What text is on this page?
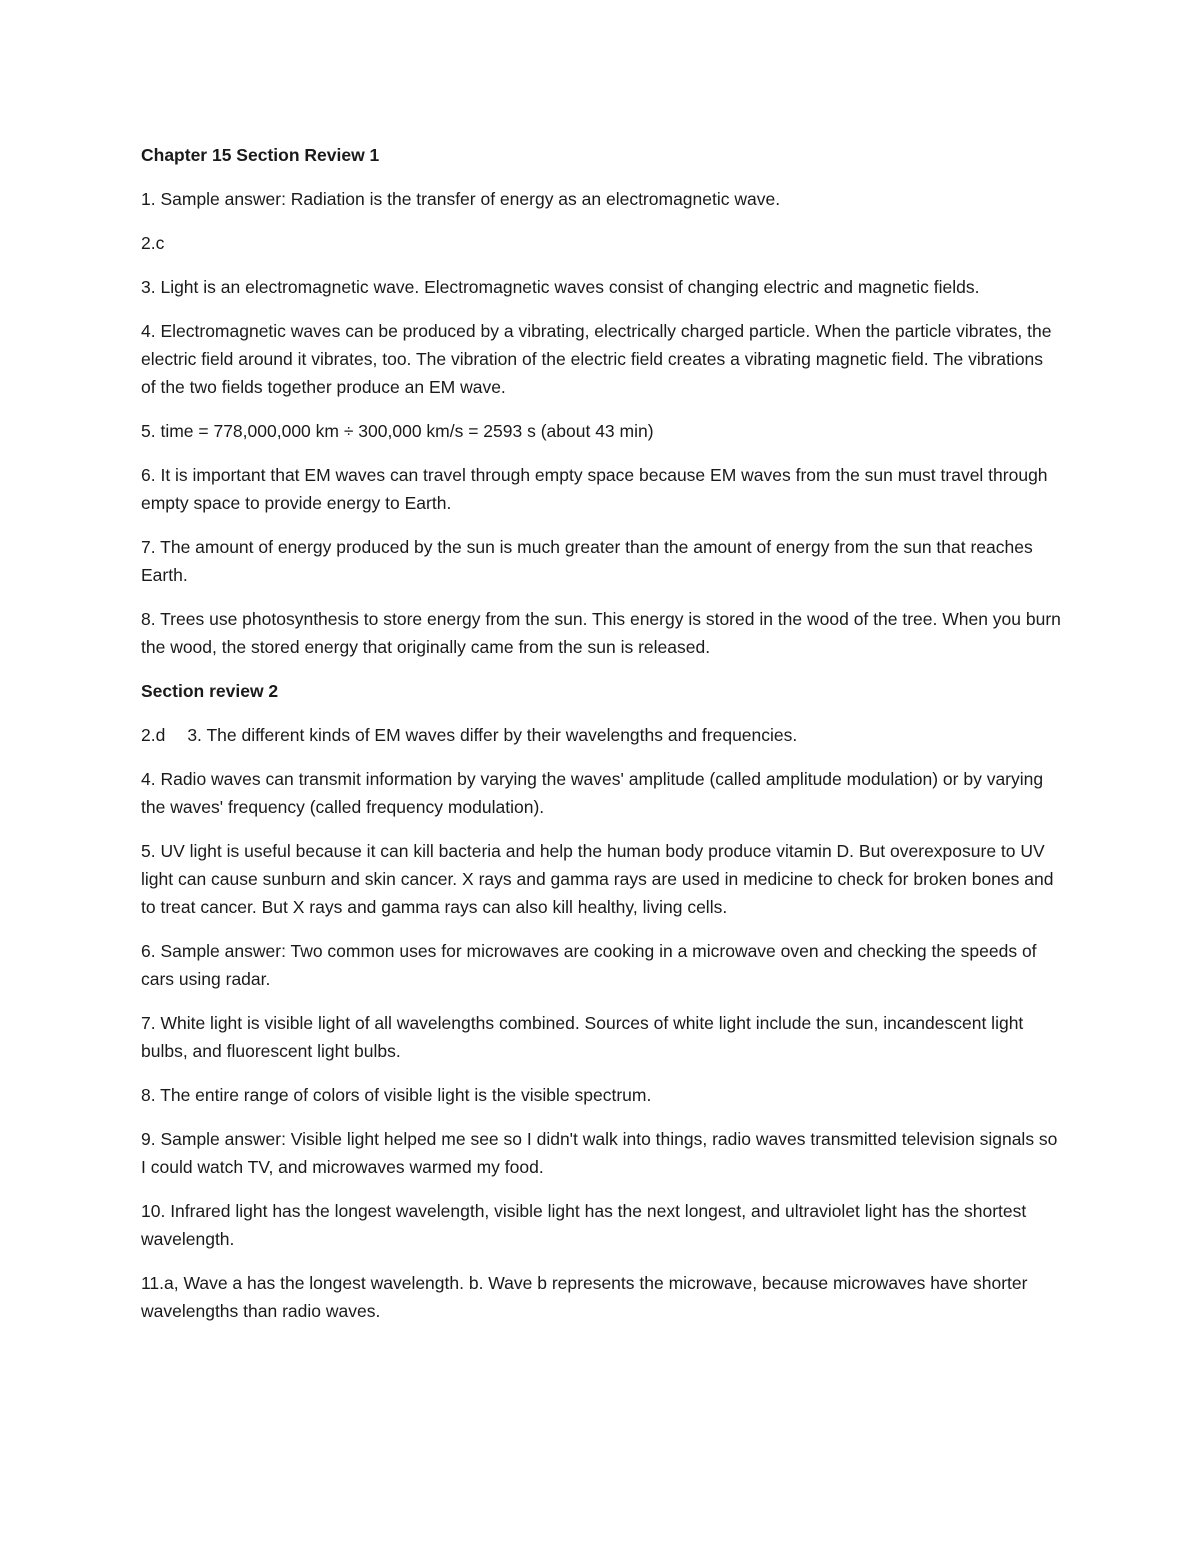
Chapter 15 Section Review 1

1. Sample answer: Radiation is the transfer of energy as an electromagnetic wave.

2.c

3. Light is an electromagnetic wave. Electromagnetic waves consist of changing electric and magnetic fields.

4. Electromagnetic waves can be produced by a vibrating, electrically charged particle. When the particle vibrates, the electric field around it vibrates, too. The vibration of the electric field creates a vibrating magnetic field. The vibrations of the two fields together produce an EM wave.

5. time = 778,000,000 km ÷ 300,000 km/s = 2593 s (about 43 min)

6. It is important that EM waves can travel through empty space because EM waves from the sun must travel through empty space to provide energy to Earth.

7. The amount of energy produced by the sun is much greater than the amount of energy from the sun that reaches Earth.

8. Trees use photosynthesis to store energy from the sun. This energy is stored in the wood of the tree. When you burn the wood, the stored energy that originally came from the sun is released.

Section review 2

2.d 3. The different kinds of EM waves differ by their wavelengths and frequencies.

4. Radio waves can transmit information by varying the waves' amplitude (called amplitude modulation) or by varying the waves' frequency (called frequency modulation).

5. UV light is useful because it can kill bacteria and help the human body produce vitamin D. But overexposure to UV light can cause sunburn and skin cancer. X rays and gamma rays are used in medicine to check for broken bones and to treat cancer. But X rays and gamma rays can also kill healthy, living cells.

6. Sample answer: Two common uses for microwaves are cooking in a microwave oven and checking the speeds of cars using radar.

7. White light is visible light of all wavelengths combined. Sources of white light include the sun, incandescent light bulbs, and fluorescent light bulbs.

8. The entire range of colors of visible light is the visible spectrum.

9. Sample answer: Visible light helped me see so I didn't walk into things, radio waves transmitted television signals so I could watch TV, and microwaves warmed my food.

10. Infrared light has the longest wavelength, visible light has the next longest, and ultraviolet light has the shortest wavelength.

11.a, Wave a has the longest wavelength. b. Wave b represents the microwave, because microwaves have shorter wavelengths than radio waves.
